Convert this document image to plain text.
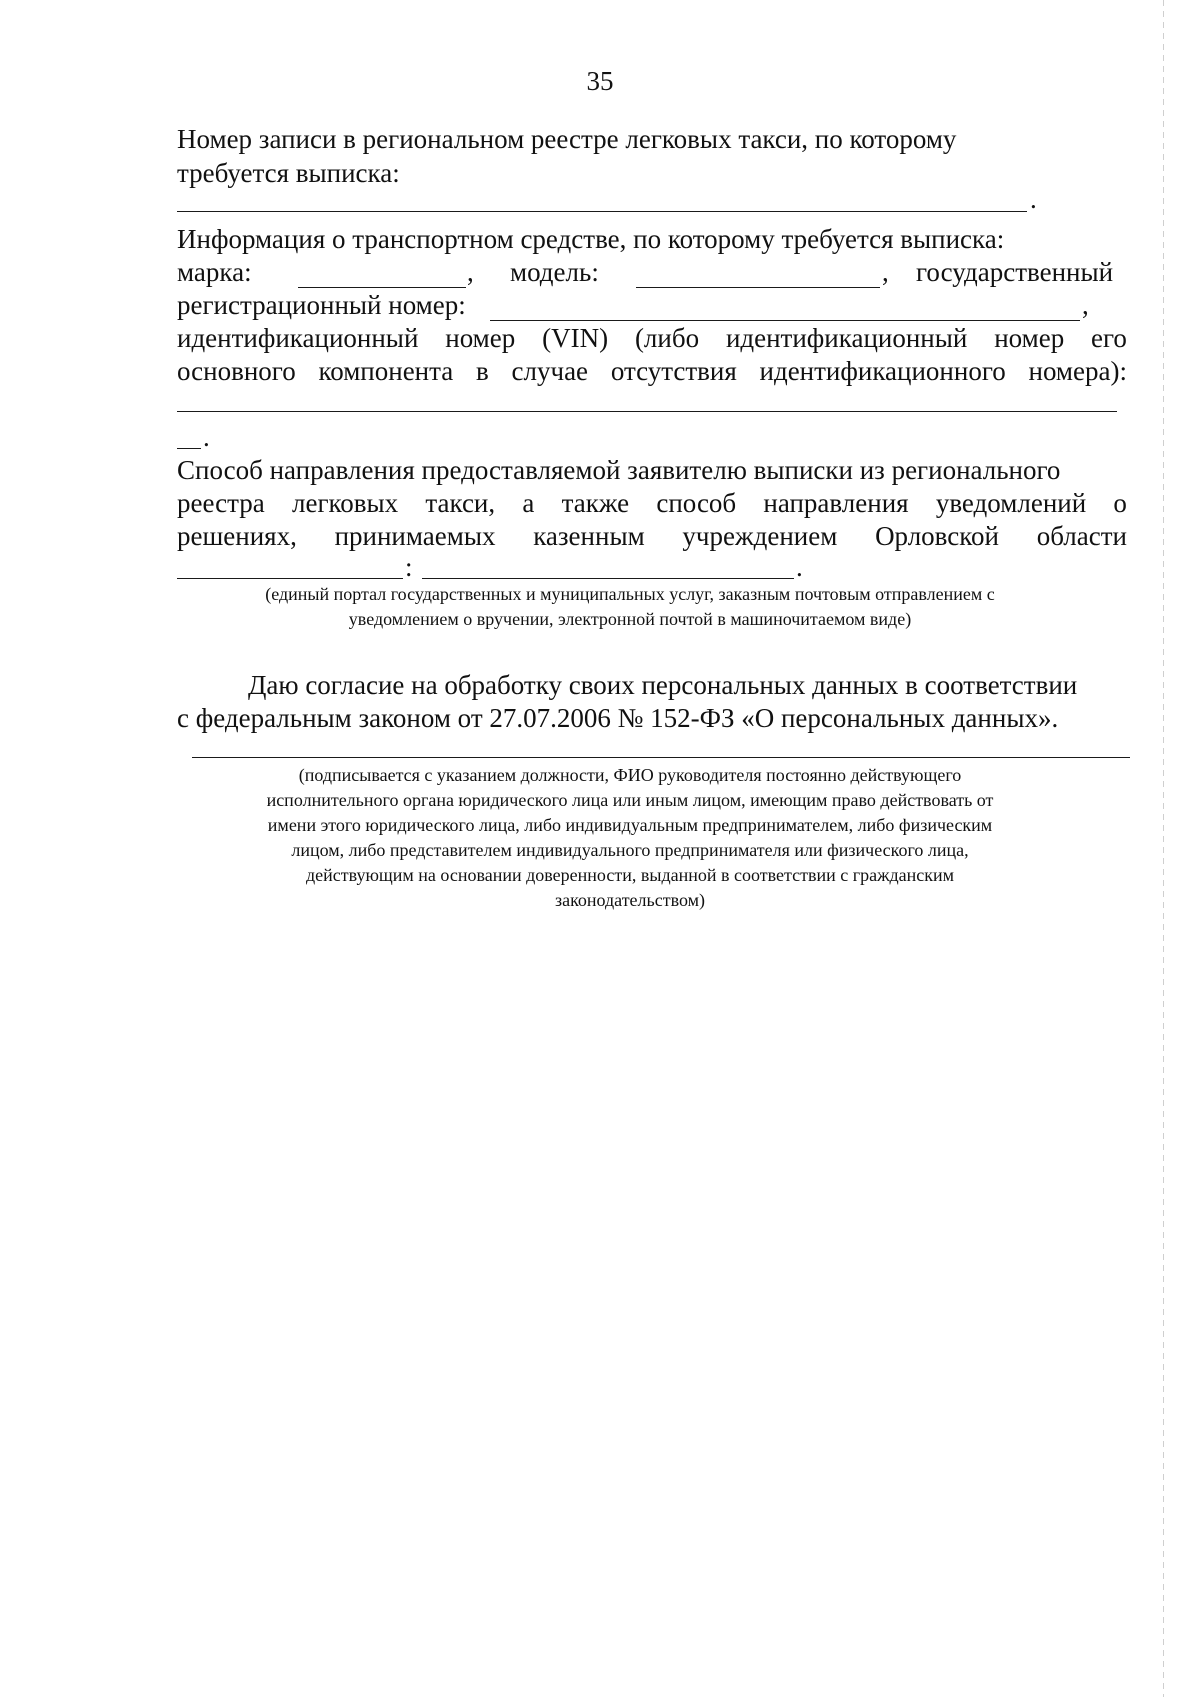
35
Номер записи в региональном реестре легковых такси, по которому
требуется выписка:
.
Информация о транспортном средстве, по которому требуется выписка:
марка:	, модель:	, государственный
регистрационный номер:	,
идентификационный номер (VIN) (либо идентификационный номер его
основного компонента в случае отсутствия идентификационного номера):
.
Способ направления предоставляемой заявителю выписки из регионального
реестра легковых такси, а также способ направления уведомлений о
решениях, принимаемых казенным учреждением Орловской области
:	.
(единый портал государственных и муниципальных услуг, заказным почтовым отправлением с
уведомлением о вручении, электронной почтой в машиночитаемом виде)
Даю согласие на обработку своих персональных данных в соответствии
с федеральным законом от 27.07.2006 № 152-ФЗ «О персональных данных».
(подписывается с указанием должности, ФИО руководителя постоянно действующего
исполнительного органа юридического лица или иным лицом, имеющим право действовать от
имени этого юридического лица, либо индивидуальным предпринимателем, либо физическим
лицом, либо представителем индивидуального предпринимателя или физического лица,
действующим на основании доверенности, выданной в соответствии с гражданским
законодательством)
